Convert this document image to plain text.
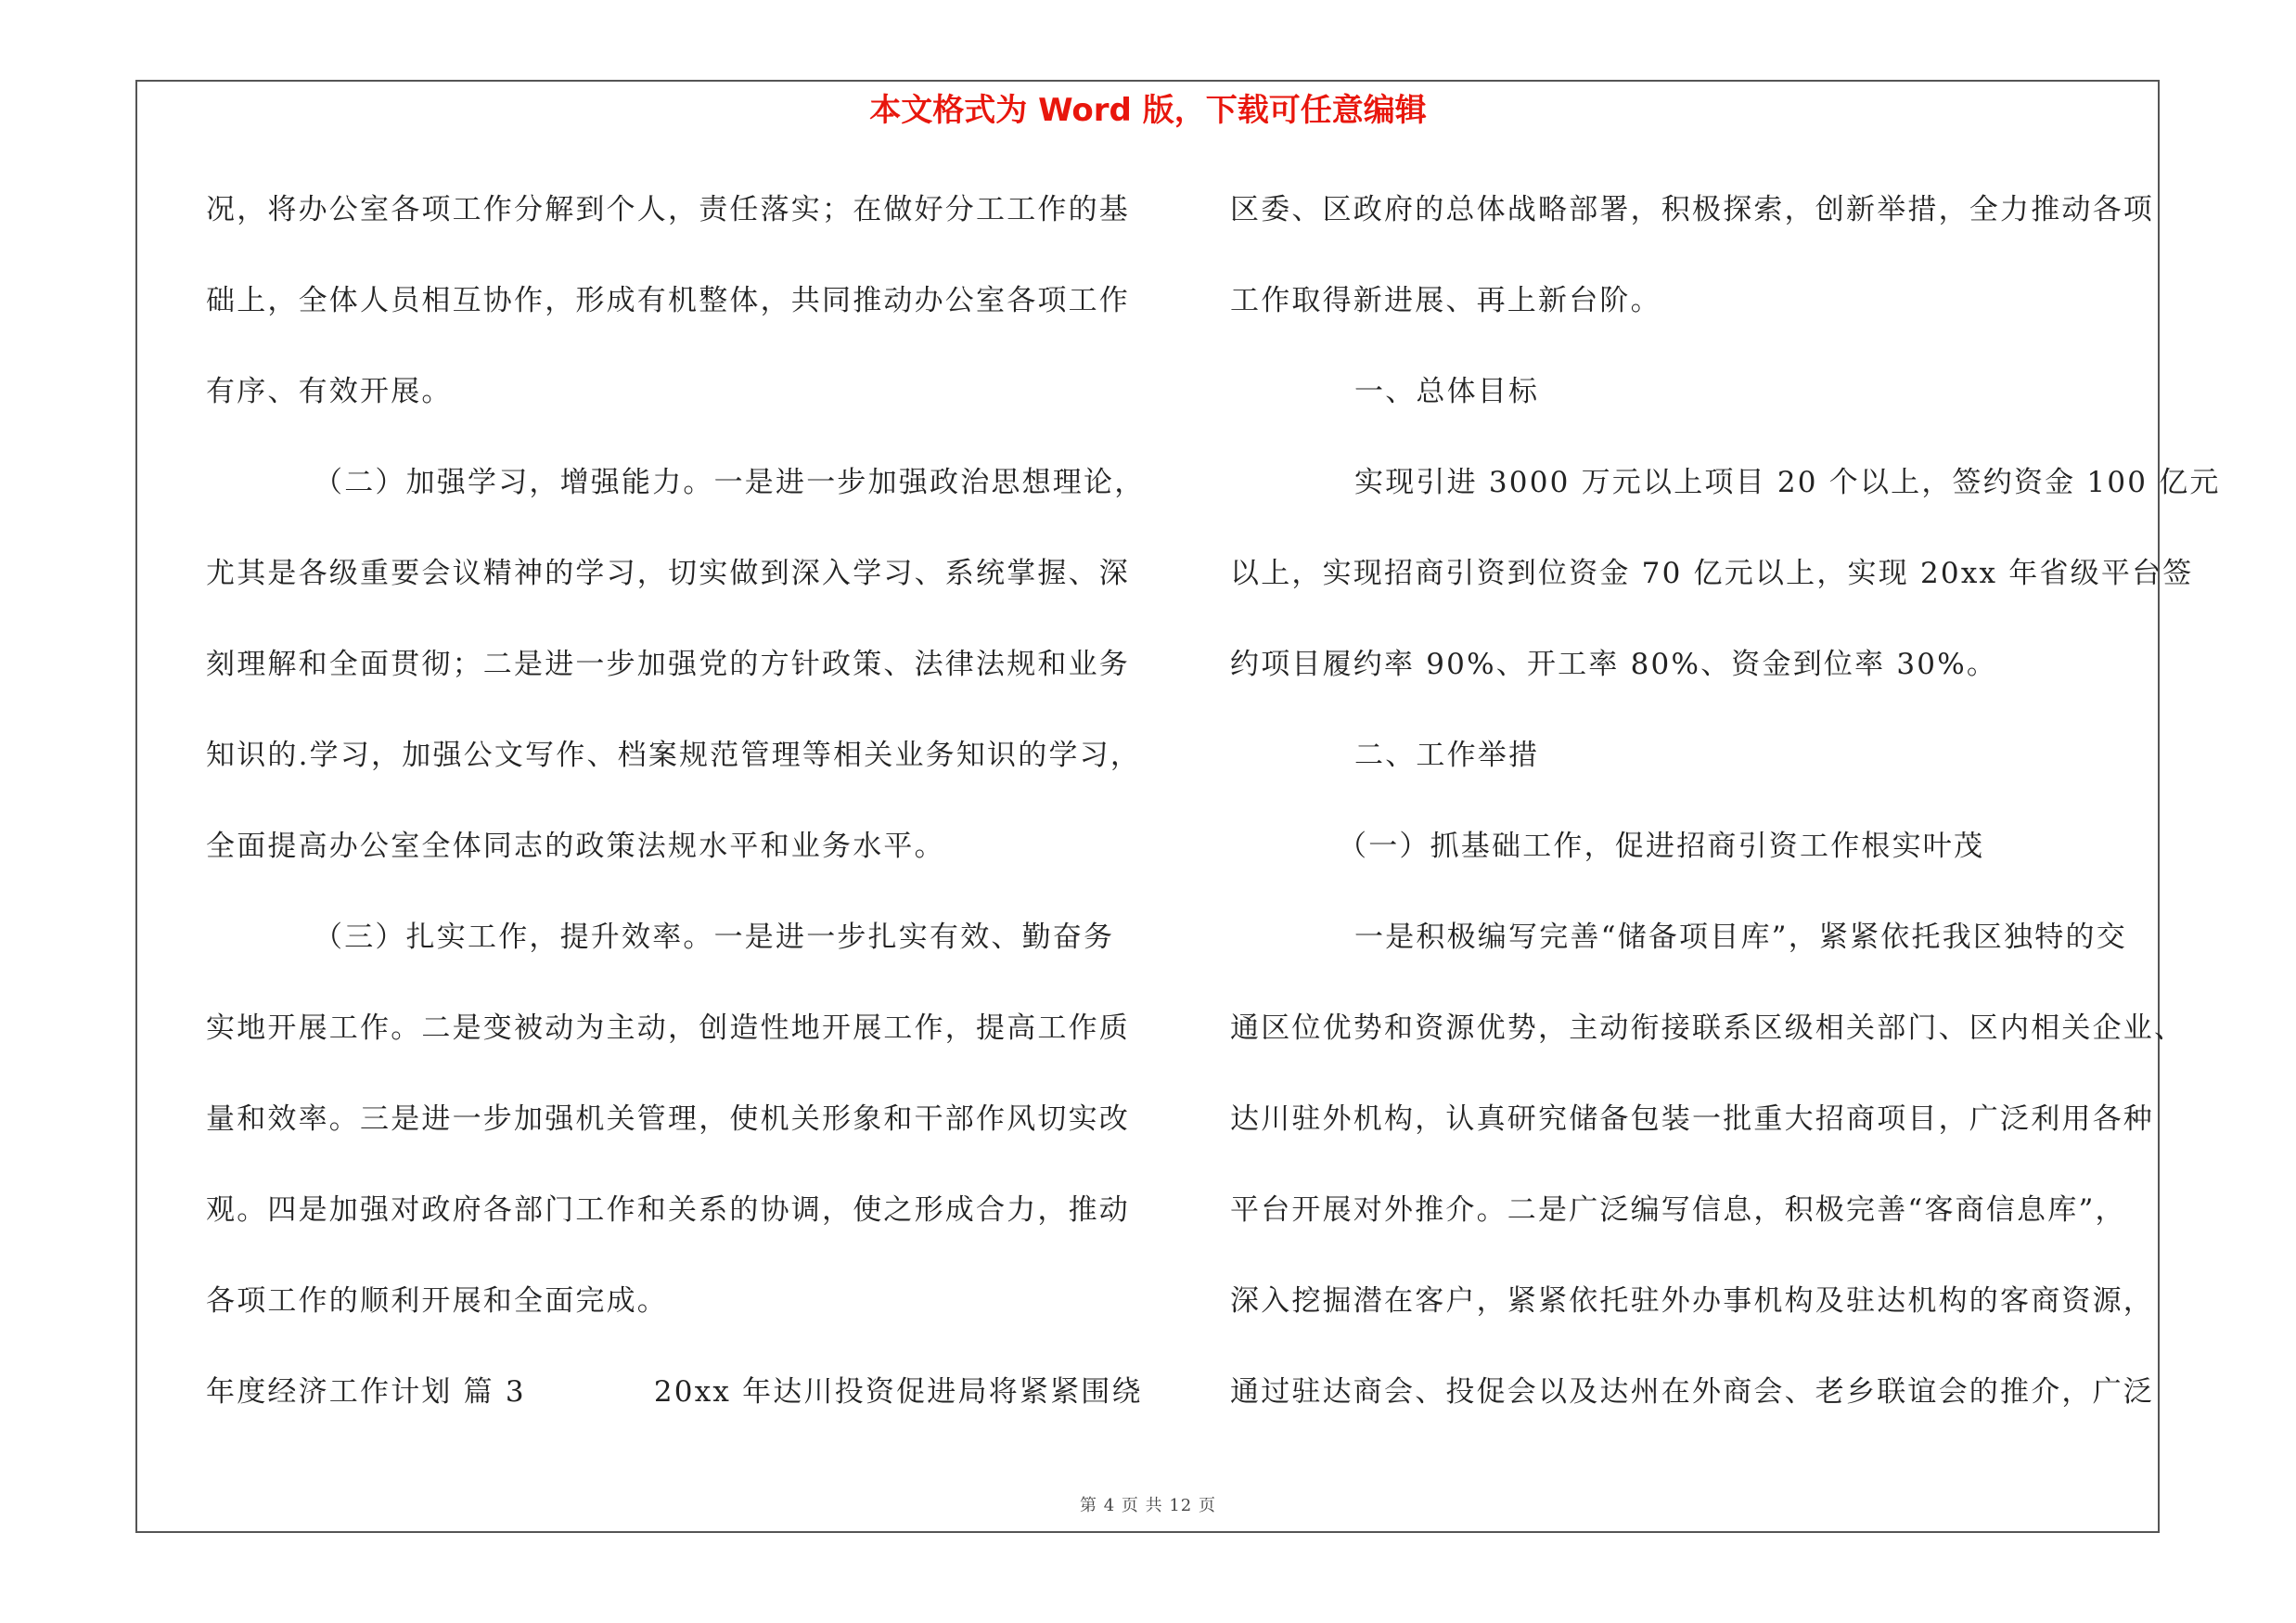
本文格式为 Word 版，下载可任意编辑
况，将办公室各项工作分解到个人，责任落实；在做好分工工作的基
础上，全体人员相互协作，形成有机整体，共同推动办公室各项工作
有序、有效开展。
（二）加强学习，增强能力。一是进一步加强政治思想理论，
尤其是各级重要会议精神的学习，切实做到深入学习、系统掌握、深
刻理解和全面贯彻；二是进一步加强党的方针政策、法律法规和业务
知识的.学习，加强公文写作、档案规范管理等相关业务知识的学习，
全面提高办公室全体同志的政策法规水平和业务水平。
（三）扎实工作，提升效率。一是进一步扎实有效、勤奋务
实地开展工作。二是变被动为主动，创造性地开展工作，提高工作质
量和效率。三是进一步加强机关管理，使机关形象和干部作风切实改
观。四是加强对政府各部门工作和关系的协调，使之形成合力，推动
各项工作的顺利开展和全面完成。
年度经济工作计划 篇 3	20xx 年达川投资促进局将紧紧围绕
区委、区政府的总体战略部署，积极探索，创新举措，全力推动各项
工作取得新进展、再上新台阶。
一、总体目标
实现引进 3000 万元以上项目 20 个以上，签约资金 100 亿元
以上，实现招商引资到位资金 70 亿元以上，实现 20xx 年省级平台签
约项目履约率 90%、开工率 80%、资金到位率 30%。
二、工作举措
（一）抓基础工作，促进招商引资工作根实叶茂
一是积极编写完善“储备项目库”，紧紧依托我区独特的交
通区位优势和资源优势，主动衔接联系区级相关部门、区内相关企业、
达川驻外机构，认真研究储备包装一批重大招商项目，广泛利用各种
平台开展对外推介。二是广泛编写信息，积极完善“客商信息库”，
深入挖掘潜在客户，紧紧依托驻外办事机构及驻达机构的客商资源，
通过驻达商会、投促会以及达州在外商会、老乡联谊会的推介，广泛
第 4 页 共 12 页
